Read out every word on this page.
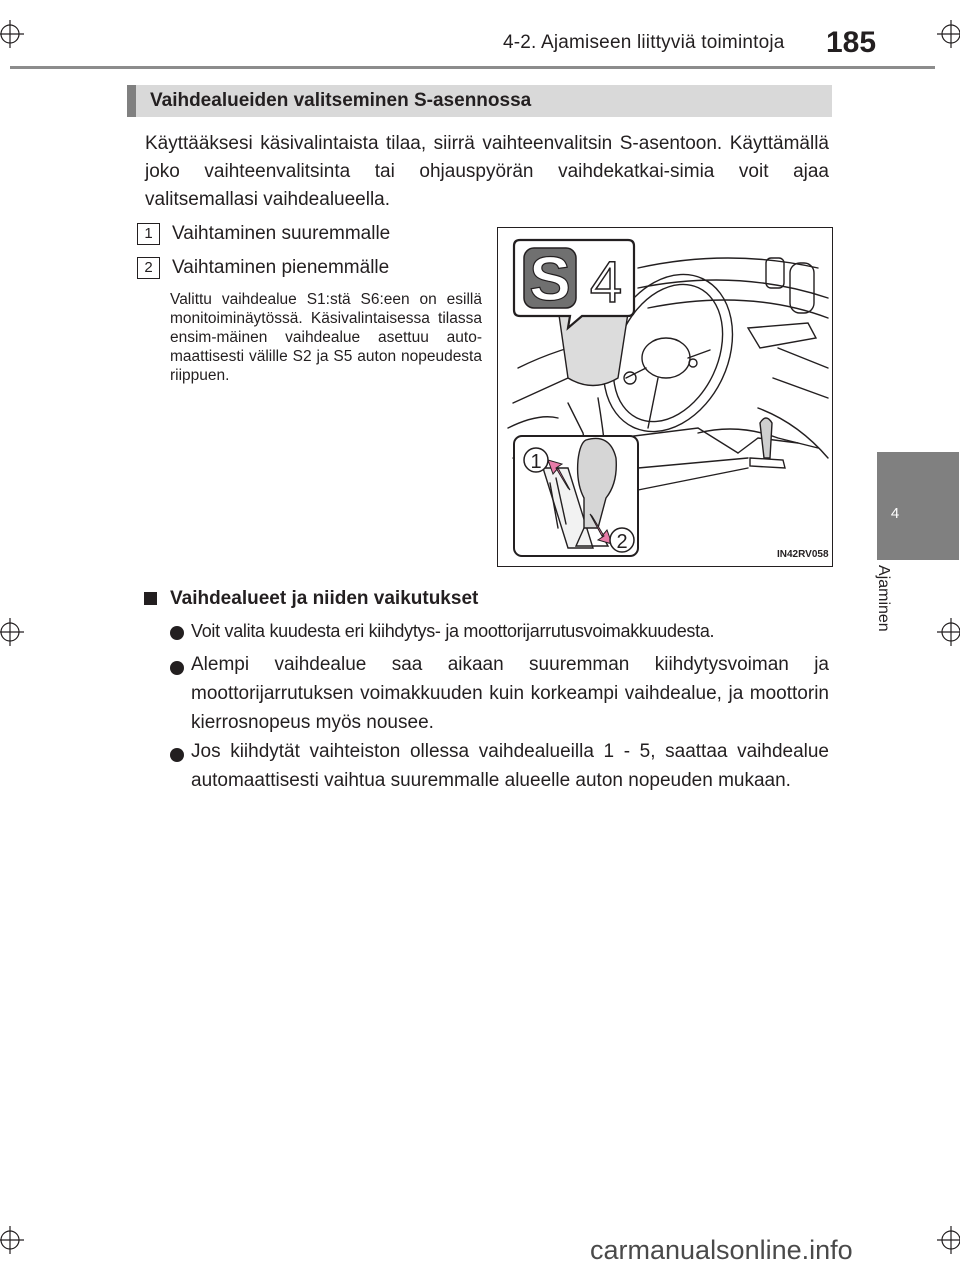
4-2. Ajamiseen liittyviä toimintoja 185
4
Ajaminen
Vaihdealueiden valitseminen S-asennossa
Käyttääksesi käsivalintaista tilaa, siirrä vaihteenvalitsin S-asentoon. Käyttämällä joko vaihteenvalitsinta tai ohjauspyörän vaihdekatkai-simia voit ajaa valitsemallasi vaihdealueella.
1	Vaihtaminen suuremmalle
2	Vaihtaminen pienemmälle
Valittu vaihdealue S1:stä S6:een on esillä monitoiminäytössä. Käsivalintaisessa tilassa ensim-mäinen vaihdealue asettuu auto-maattisesti välille S2 ja S5 auton nopeudesta riippuen.
S 4
1
2
IN42RV058
Vaihdealueet ja niiden vaikutukset
Voit valita kuudesta eri kiihdytys- ja moottorijarrutusvoimakkuudesta.
Alempi vaihdealue saa aikaan suuremman kiihdytysvoiman ja moottorijarrutuksen voimakkuuden kuin korkeampi vaihdealue, ja moottorin kierrosnopeus myös nousee.
Jos kiihdytät vaihteiston ollessa vaihdealueilla 1 - 5, saattaa vaihdealue automaattisesti vaihtua suuremmalle alueelle auton nopeuden mukaan.
carmanualsonline.info
